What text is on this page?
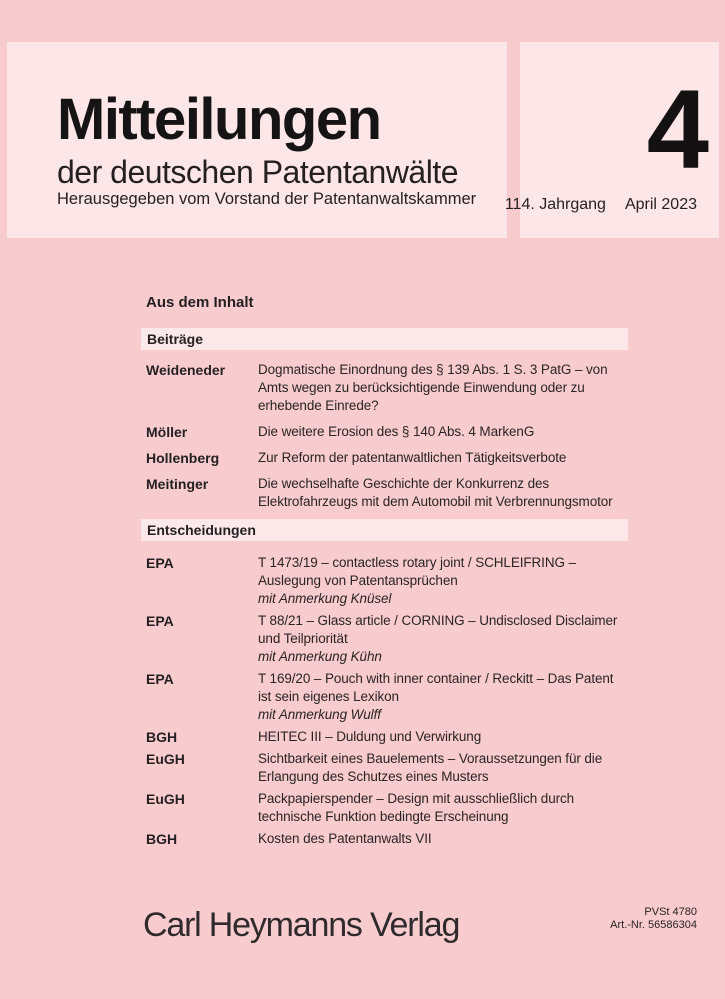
Mitteilungen
der deutschen Patentanwälte

Herausgegeben vom Vorstand der Patentanwaltskammer

4
114. Jahrgang April 2023
Aus dem Inhalt
Beiträge
Weideneder	Dogmatische Einordnung des § 139 Abs. 1 S. 3 PatG – von Amts wegen zu berücksichtigende Einwendung oder zu erhebende Einrede?
Möller	Die weitere Erosion des § 140 Abs. 4 MarkenG
Hollenberg	Zur Reform der patentanwaltlichen Tätigkeitsverbote
Meitinger	Die wechselhafte Geschichte der Konkurrenz des Elektrofahrzeugs mit dem Automobil mit Verbrennungsmotor
Entscheidungen
EPA	T 1473/19 – contactless rotary joint / SCHLEIFRING – Auslegung von Patentansprüchen
mit Anmerkung Knüsel
EPA	T 88/21 – Glass article / CORNING – Undisclosed Disclaimer und Teilpriorität
mit Anmerkung Kühn
EPA	T 169/20 – Pouch with inner container / Reckitt – Das Patent ist sein eigenes Lexikon
mit Anmerkung Wulff
BGH	HEITEC III – Duldung und Verwirkung
EuGH	Sichtbarkeit eines Bauelements – Voraussetzungen für die Erlangung des Schutzes eines Musters
EuGH	Packpapierspender – Design mit ausschließlich durch technische Funktion bedingte Erscheinung
BGH	Kosten des Patentanwalts VII
Carl Heymanns Verlag	PVSt 4780
Art.-Nr. 56586304
